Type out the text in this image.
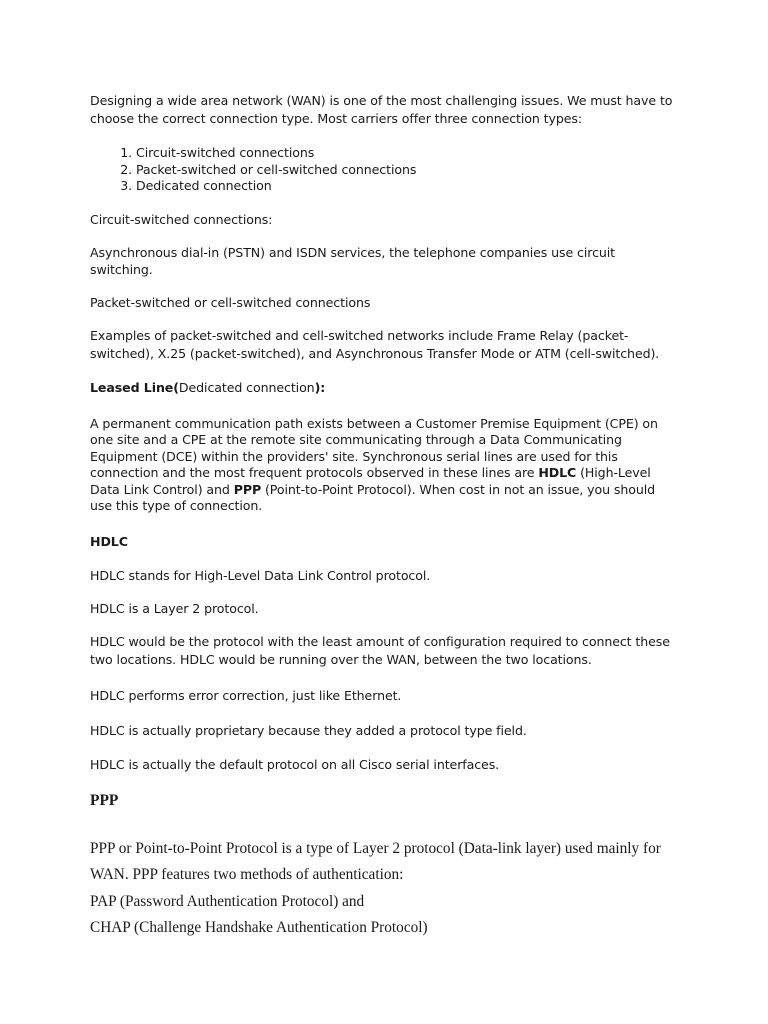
Designing a wide area network (WAN) is one of the most challenging issues. We must have to choose the correct connection type. Most carriers offer three connection types:

1. Circuit-switched connections
2. Packet-switched or cell-switched connections
3. Dedicated connection

Circuit-switched connections:

Asynchronous dial-in (PSTN) and ISDN services, the telephone companies use circuit switching.

Packet-switched or cell-switched connections

Examples of packet-switched and cell-switched networks include Frame Relay (packet-switched), X.25 (packet-switched), and Asynchronous Transfer Mode or ATM (cell-switched).

Leased Line(Dedicated connection):

A permanent communication path exists between a Customer Premise Equipment (CPE) on one site and a CPE at the remote site communicating through a Data Communicating Equipment (DCE) within the providers' site. Synchronous serial lines are used for this connection and the most frequent protocols observed in these lines are HDLC (High-Level Data Link Control) and PPP (Point-to-Point Protocol). When cost in not an issue, you should use this type of connection.

HDLC

HDLC stands for High-Level Data Link Control protocol.

HDLC is a Layer 2 protocol.

HDLC would be the protocol with the least amount of configuration required to connect these two locations. HDLC would be running over the WAN, between the two locations.

HDLC performs error correction, just like Ethernet.

HDLC is actually proprietary because they added a protocol type field.

HDLC is actually the default protocol on all Cisco serial interfaces.

PPP

PPP or Point-to-Point Protocol is a type of Layer 2 protocol (Data-link layer) used mainly for WAN. PPP features two methods of authentication:

PAP (Password Authentication Protocol) and

CHAP (Challenge Handshake Authentication Protocol)
